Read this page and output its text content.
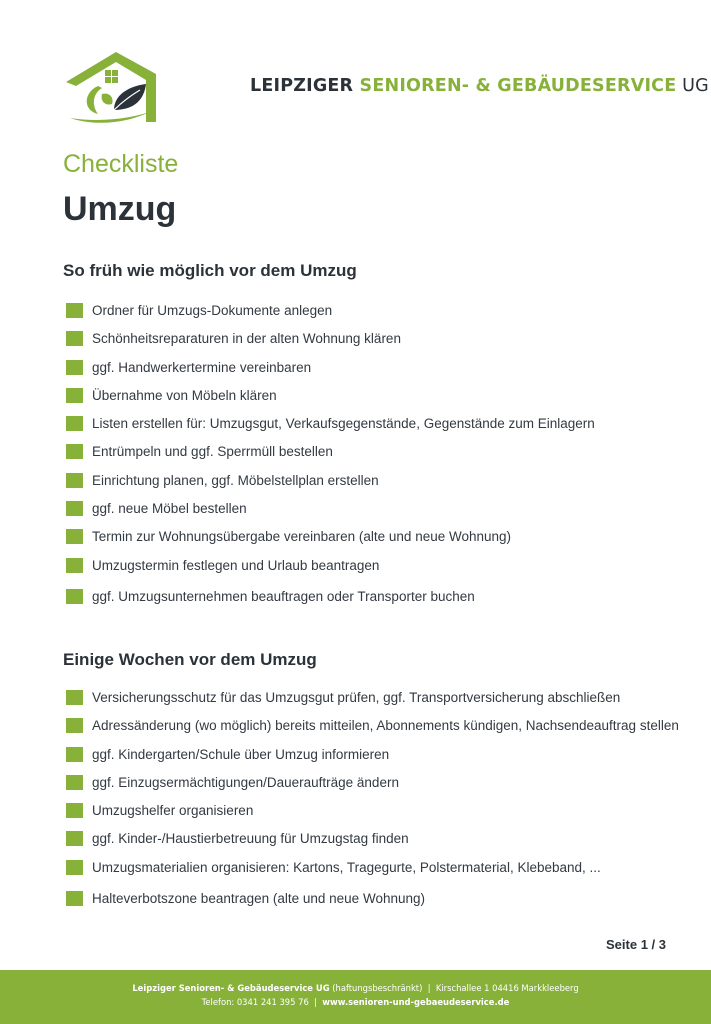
LEIPZIGER SENIOREN- & GEBÄUDESERVICE UG
Checkliste
Umzug
So früh wie möglich vor dem Umzug
Ordner für Umzugs-Dokumente anlegen
Schönheitsreparaturen in der alten Wohnung klären
ggf. Handwerkertermine vereinbaren
Übernahme von Möbeln klären
Listen erstellen für: Umzugsgut, Verkaufsgegenstände, Gegenstände zum Einlagern
Entrümpeln und ggf. Sperrmüll bestellen
Einrichtung planen, ggf. Möbelstellplan erstellen
ggf. neue Möbel bestellen
Termin zur Wohnungsübergabe vereinbaren (alte und neue Wohnung)
Umzugstermin festlegen und Urlaub beantragen
ggf. Umzugsunternehmen beauftragen oder Transporter buchen
Einige Wochen vor dem Umzug
Versicherungsschutz für das Umzugsgut prüfen, ggf. Transportversicherung abschließen
Adressänderung (wo möglich) bereits mitteilen, Abonnements kündigen, Nachsendeauftrag stellen
ggf. Kindergarten/Schule über Umzug informieren
ggf. Einzugsermächtigungen/Daueraufträge ändern
Umzugshelfer organisieren
ggf. Kinder-/Haustierbetreuung für Umzugstag finden
Umzugsmaterialien organisieren: Kartons, Tragegurte, Polstermaterial, Klebeband, ...
Halteverbotszone beantragen (alte und neue Wohnung)
Seite 1 / 3
Leipziger Senioren- & Gebäudeservice UG (haftungsbeschränkt) | Kirschallee 1 04416 Markkleeberg
Telefon: 0341 241 395 76 | www.senioren-und-gebaeudeservice.de
